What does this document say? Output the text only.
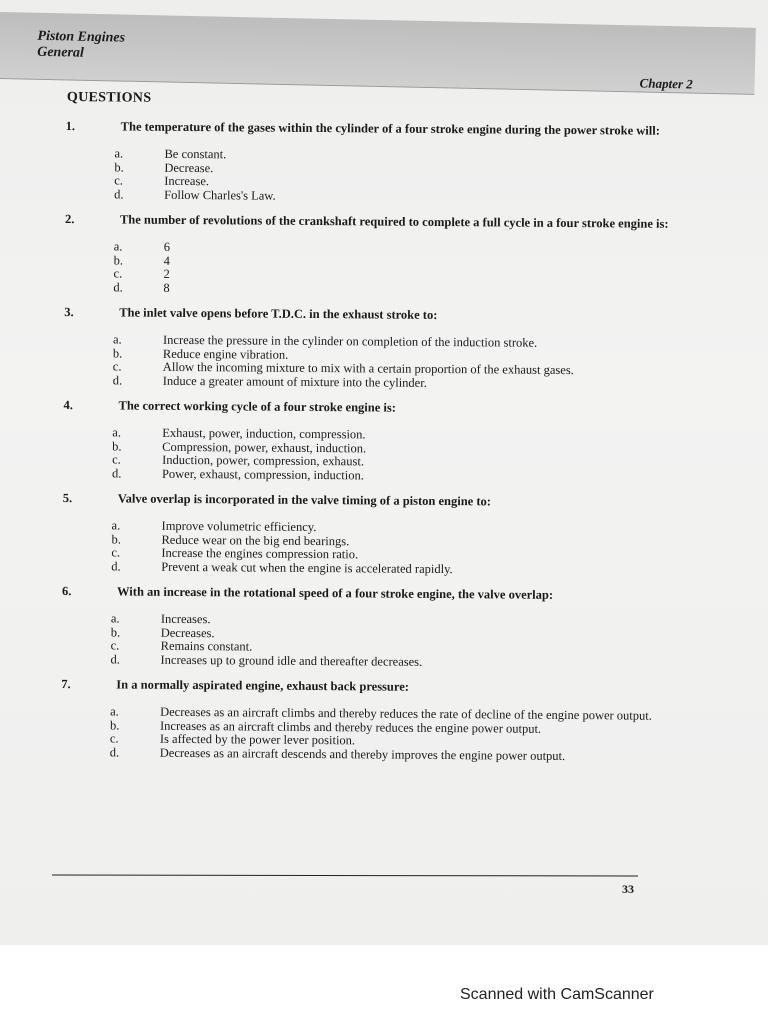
Piston Engines
General
Chapter 2
QUESTIONS
1.	The temperature of the gases within the cylinder of a four stroke engine during the power stroke will:
a.	Be constant.
b.	Decrease.
c.	Increase.
d.	Follow Charles's Law.
2.	The number of revolutions of the crankshaft required to complete a full cycle in a four stroke engine is:
a.	6
b.	4
c.	2
d.	8
3.	The inlet valve opens before T.D.C. in the exhaust stroke to:
a.	Increase the pressure in the cylinder on completion of the induction stroke.
b.	Reduce engine vibration.
c.	Allow the incoming mixture to mix with a certain proportion of the exhaust gases.
d.	Induce a greater amount of mixture into the cylinder.
4.	The correct working cycle of a four stroke engine is:
a.	Exhaust, power, induction, compression.
b.	Compression, power, exhaust, induction.
c.	Induction, power, compression, exhaust.
d.	Power, exhaust, compression, induction.
5.	Valve overlap is incorporated in the valve timing of a piston engine to:
a.	Improve volumetric efficiency.
b.	Reduce wear on the big end bearings.
c.	Increase the engines compression ratio.
d.	Prevent a weak cut when the engine is accelerated rapidly.
6.	With an increase in the rotational speed of a four stroke engine, the valve overlap:
a.	Increases.
b.	Decreases.
c.	Remains constant.
d.	Increases up to ground idle and thereafter decreases.
7.	In a normally aspirated engine, exhaust back pressure:
a.	Decreases as an aircraft climbs and thereby reduces the rate of decline of the engine power output.
b.	Increases as an aircraft climbs and thereby reduces the engine power output.
c.	Is affected by the power lever position.
d.	Decreases as an aircraft descends and thereby improves the engine power output.
33
Scanned with CamScanner
